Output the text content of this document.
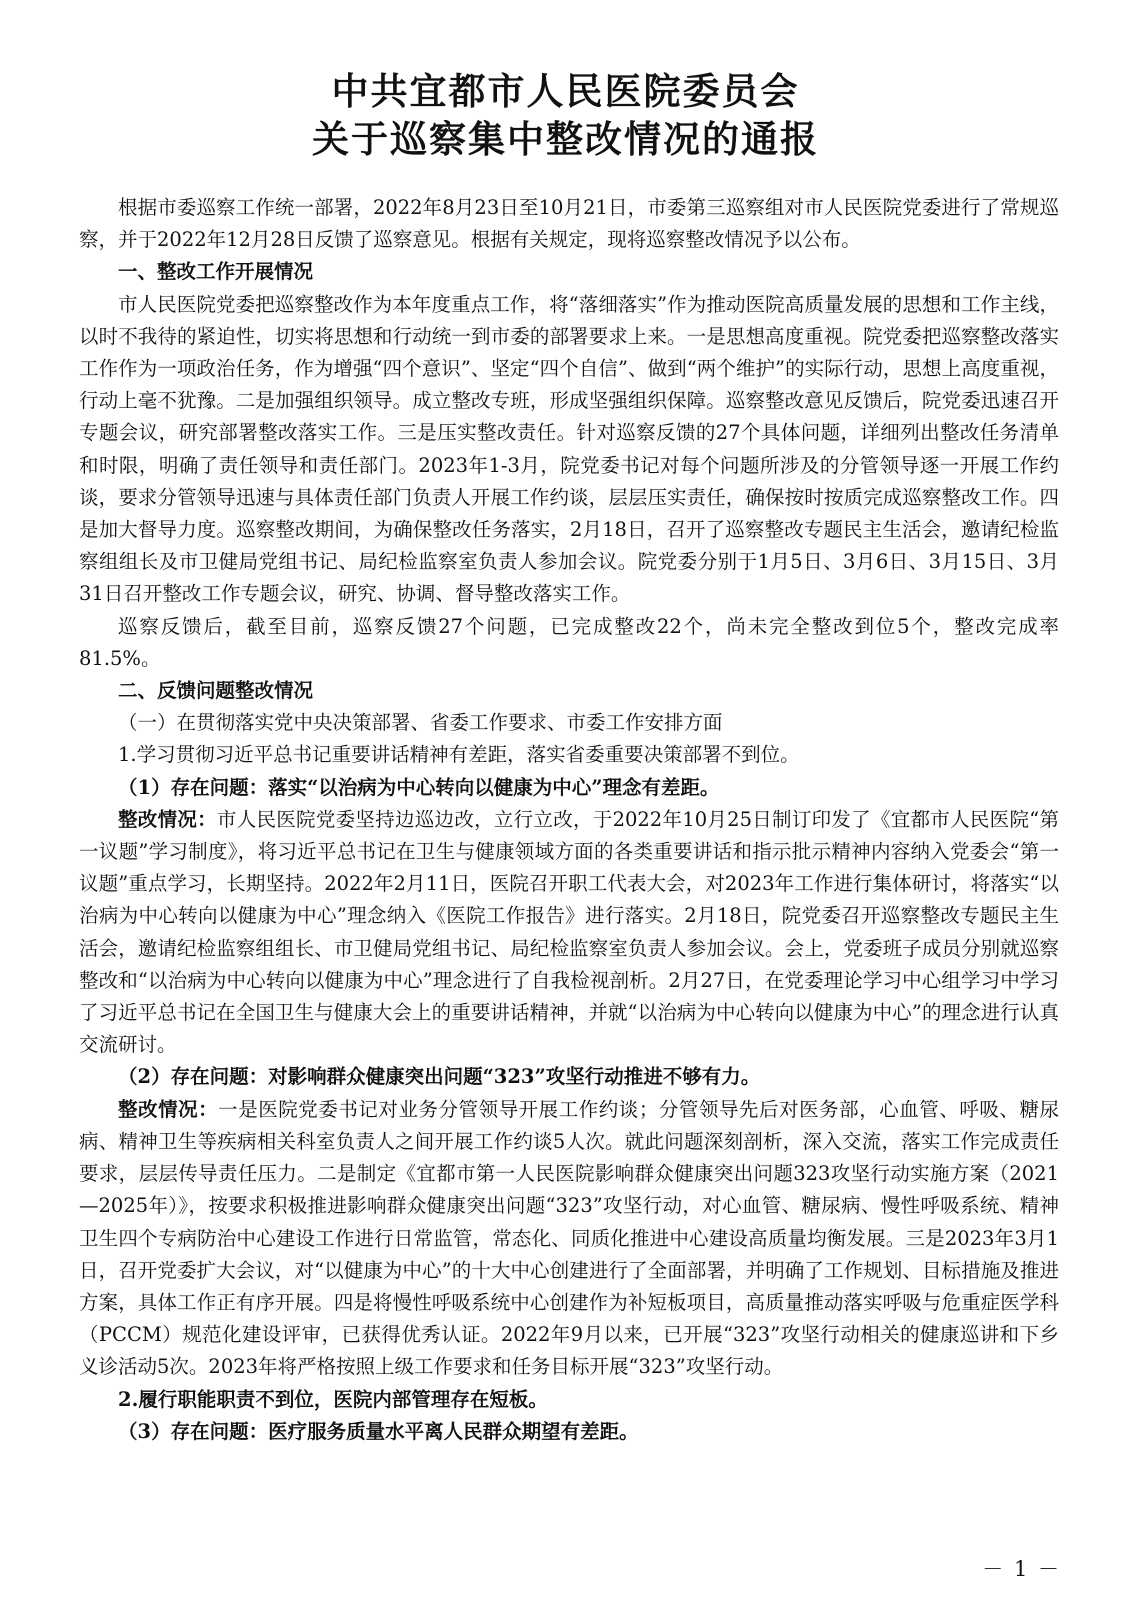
中共宜都市人民医院委员会
关于巡察集中整改情况的通报

根据市委巡察工作统一部署，2022年8月23日至10月21日，市委第三巡察组对市人民医院党委进行了常规巡察，并于2022年12月28日反馈了巡察意见。根据有关规定，现将巡察整改情况予以公布。

一、整改工作开展情况

市人民医院党委把巡察整改作为本年度重点工作，将“落细落实”作为推动医院高质量发展的思想和工作主线，以时不我待的紧迫性，切实将思想和行动统一到市委的部署要求上来。一是思想高度重视。院党委把巡察整改落实工作作为一项政治任务，作为增强“四个意识”、坚定“四个自信”、做到“两个维护”的实际行动，思想上高度重视，行动上毫不犹豫。二是加强组织领导。成立整改专班，形成坚强组织保障。巡察整改意见反馈后，院党委迅速召开专题会议，研究部署整改落实工作。三是压实整改责任。针对巡察反馈的27个具体问题，详细列出整改任务清单和时限，明确了责任领导和责任部门。2023年1-3月，院党委书记对每个问题所涉及的分管领导逐一开展工作约谈，要求分管领导迅速与具体责任部门负责人开展工作约谈，层层压实责任，确保按时按质完成巡察整改工作。四是加大督导力度。巡察整改期间，为确保整改任务落实，2月18日，召开了巡察整改专题民主生活会，邀请纪检监察组组长及市卫健局党组书记、局纪检监察室负责人参加会议。院党委分别于1月5日、3月6日、3月15日、3月31日召开整改工作专题会议，研究、协调、督导整改落实工作。

巡察反馈后，截至目前，巡察反馈27个问题，已完成整改22个，尚未完全整改到位5个，整改完成率81.5%。

二、反馈问题整改情况

（一）在贯彻落实党中央决策部署、省委工作要求、市委工作安排方面

1.学习贯彻习近平总书记重要讲话精神有差距，落实省委重要决策部署不到位。

（1）存在问题：落实“以治病为中心转向以健康为中心”理念有差距。

整改情况：市人民医院党委坚持边巡边改，立行立改，于2022年10月25日制订印发了《宜都市人民医院“第一议题”学习制度》，将习近平总书记在卫生与健康领域方面的各类重要讲话和指示批示精神内容纳入党委会“第一议题”重点学习，长期坚持。2022年2月11日，医院召开职工代表大会，对2023年工作进行集体研讨，将落实“以治病为中心转向以健康为中心”理念纳入《医院工作报告》进行落实。2月18日，院党委召开巡察整改专题民主生活会，邀请纪检监察组组长、市卫健局党组书记、局纪检监察室负责人参加会议。会上，党委班子成员分别就巡察整改和“以治病为中心转向以健康为中心”理念进行了自我检视剖析。2月27日，在党委理论学习中心组学习中学习了习近平总书记在全国卫生与健康大会上的重要讲话精神，并就“以治病为中心转向以健康为中心”的理念进行认真交流研讨。

（2）存在问题：对影响群众健康突出问题“323”攻坚行动推进不够有力。

整改情况：一是医院党委书记对业务分管领导开展工作约谈；分管领导先后对医务部，心血管、呼吸、糖尿病、精神卫生等疾病相关科室负责人之间开展工作约谈5人次。就此问题深刻剖析，深入交流，落实工作完成责任要求，层层传导责任压力。二是制定《宜都市第一人民医院影响群众健康突出问题323攻坚行动实施方案（2021—2025年）》，按要求积极推进影响群众健康突出问题“323”攻坚行动，对心血管、糖尿病、慢性呼吸系统、精神卫生四个专病防治中心建设工作进行日常监管，常态化、同质化推进中心建设高质量均衡发展。三是2023年3月1日，召开党委扩大会议，对“以健康为中心”的十大中心创建进行了全面部署，并明确了工作规划、目标措施及推进方案，具体工作正有序开展。四是将慢性呼吸系统中心创建作为补短板项目，高质量推动落实呼吸与危重症医学科（PCCM）规范化建设评审，已获得优秀认证。2022年9月以来，已开展“323”攻坚行动相关的健康巡讲和下乡义诊活动5次。2023年将严格按照上级工作要求和任务目标开展“323”攻坚行动。

2.履行职能职责不到位，医院内部管理存在短板。

（3）存在问题：医疗服务质量水平离人民群众期望有差距。

－ 1 －
